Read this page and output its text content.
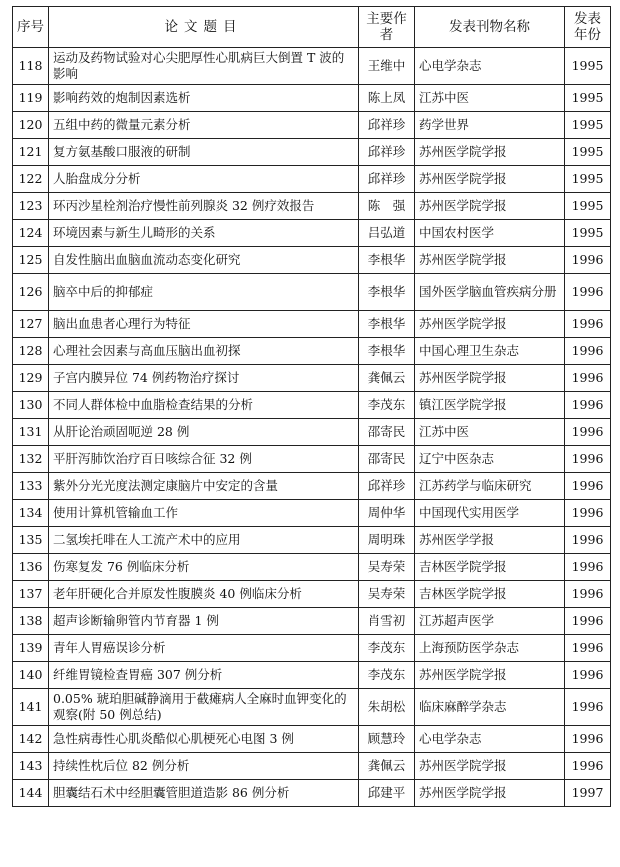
序号	论文题目	主要作者	发表刊物名称	发表年份
118	运动及药物试验对心尖肥厚性心肌病巨大倒置 T 波的影响	王维中	心电学杂志	1995
119	影响药效的炮制因素选析	陈上凤	江苏中医	1995
120	五组中药的微量元素分析	邱祥珍	药学世界	1995
121	复方氨基酸口服液的研制	邱祥珍	苏州医学院学报	1995
122	人胎盘成分分析	邱祥珍	苏州医学院学报	1995
123	环丙沙星栓剂治疗慢性前列腺炎 32 例疗效报告	陈　强	苏州医学院学报	1995
124	环境因素与新生儿畸形的关系	吕弘道	中国农村医学	1995
125	自发性脑出血脑血流动态变化研究	李根华	苏州医学院学报	1996
126	脑卒中后的抑郁症	李根华	国外医学脑血管疾病分册	1996
127	脑出血患者心理行为特征	李根华	苏州医学院学报	1996
128	心理社会因素与高血压脑出血初探	李根华	中国心理卫生杂志	1996
129	子宫内膜异位 74 例药物治疗探讨	龚佩云	苏州医学院学报	1996
130	不同人群体检中血脂检查结果的分析	李茂东	镇江医学院学报	1996
131	从肝论治顽固呃逆 28 例	邵寄民	江苏中医	1996
132	平肝泻肺饮治疗百日咳综合征 32 例	邵寄民	辽宁中医杂志	1996
133	紫外分光光度法测定康脑片中安定的含量	邱祥珍	江苏药学与临床研究	1996
134	使用计算机管输血工作	周仲华	中国现代实用医学	1996
135	二氢埃托啡在人工流产术中的应用	周明珠	苏州医学学报	1996
136	伤寒复发 76 例临床分析	吴寿荣	吉林医学院学报	1996
137	老年肝硬化合并原发性腹膜炎 40 例临床分析	吴寿荣	吉林医学院学报	1996
138	超声诊断输卵管内节育器 1 例	肖雪初	江苏超声医学	1996
139	青年人胃癌误诊分析	李茂东	上海预防医学杂志	1996
140	纤维胃镜检查胃癌 307 例分析	李茂东	苏州医学院学报	1996
141	0.05% 琥珀胆碱静滴用于截瘫病人全麻时血钾变化的观察(附 50 例总结)	朱胡松	临床麻醉学杂志	1996
142	急性病毒性心肌炎酷似心肌梗死心电图 3 例	顾慧玲	心电学杂志	1996
143	持续性枕后位 82 例分析	龚佩云	苏州医学院学报	1996
144	胆囊结石术中经胆囊管胆道造影 86 例分析	邱建平	苏州医学院学报	1997
